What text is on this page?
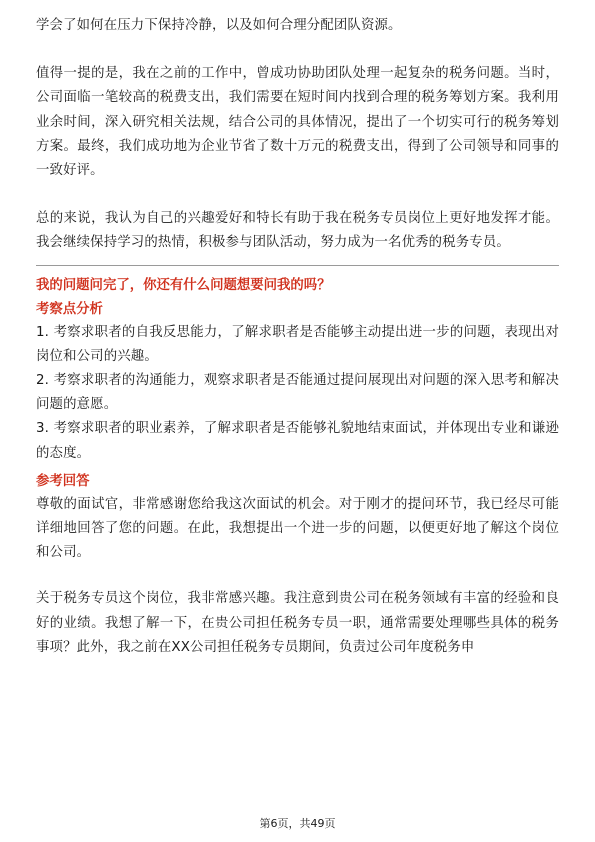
学会了如何在压力下保持冷静，以及如何合理分配团队资源。

值得一提的是，我在之前的工作中，曾成功协助团队处理一起复杂的税务问题。当时，公司面临一笔较高的税费支出，我们需要在短时间内找到合理的税务筹划方案。我利用业余时间，深入研究相关法规，结合公司的具体情况，提出了一个切实可行的税务筹划方案。最终，我们成功地为企业节省了数十万元的税费支出，得到了公司领导和同事的一致好评。

总的来说，我认为自己的兴趣爱好和特长有助于我在税务专员岗位上更好地发挥才能。我会继续保持学习的热情，积极参与团队活动，努力成为一名优秀的税务专员。

我的问题问完了，你还有什么问题想要问我的吗？
考察点分析

1. 考察求职者的自我反思能力，了解求职者是否能够主动提出进一步的问题，表现出对岗位和公司的兴趣。

2. 考察求职者的沟通能力，观察求职者是否能通过提问展现出对问题的深入思考和解决问题的意愿。

3. 考察求职者的职业素养，了解求职者是否能够礼貌地结束面试，并体现出专业和谦逊的态度。

参考回答

尊敬的面试官，非常感谢您给我这次面试的机会。对于刚才的提问环节，我已经尽可能详细地回答了您的问题。在此，我想提出一个进一步的问题，以便更好地了解这个岗位和公司。

关于税务专员这个岗位，我非常感兴趣。我注意到贵公司在税务领域有丰富的经验和良好的业绩。我想了解一下，在贵公司担任税务专员一职，通常需要处理哪些具体的税务事项？此外，我之前在XX公司担任税务专员期间，负责过公司年度税务申

第6页，共49页
